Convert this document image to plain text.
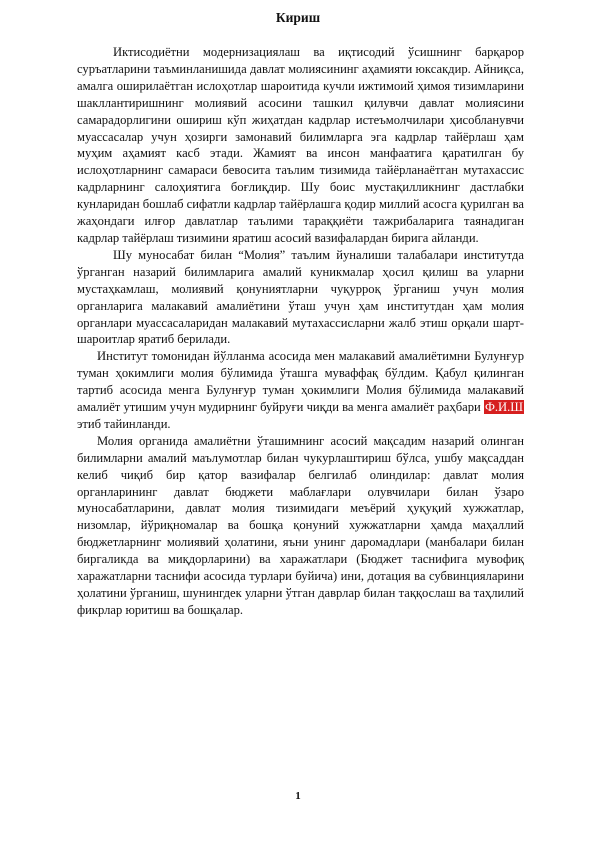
Кириш

Иктисодиётни модернизациялаш ва иқтисодий ўсишнинг барқарор суръатларини таъминланишида давлат молиясининг аҳамияти юксакдир. Айниқса, амалга оширилаётган ислоҳотлар шароитида кучли ижтимоий ҳимоя тизимларини шакллантиришнинг молиявий асосини ташкил қилувчи давлат молиясини самарадорлигини ошириш кўп жиҳатдан кадрлар истеъмолчилари ҳисобланувчи муассасалар учун ҳозирги замонавий билимларга эга кадрлар тайёрлаш ҳам муҳим аҳамият касб этади. Жамият ва инсон манфаатига қаратилган бу ислоҳотларнинг самараси бевосита таълим тизимида тайёрланаётган мутахассис кадрларнинг салоҳиятига боғлиқдир. Шу боис мустақилликнинг дастлабки кунларидан бошлаб сифатли кадрлар тайёрлашга қодир миллий асосга қурилган ва жаҳондаги илғор давлатлар таълими тараққиёти тажрибаларига таянадиган кадрлар тайёрлаш тизимини яратиш асосий вазифалардан бирига айланди.

Шу муносабат билан “Молия” таълим йуналиши талабалари институтда ўрганган назарий билимларига амалий куникмалар ҳосил қилиш ва уларни мустаҳкамлаш, молиявий қонуниятларни чуқурроқ ўрганиш учун молия органларига малакавий амалиётини ўташ учун ҳам институтдан ҳам молия органлари муассасаларидан малакавий мутахассисларни жалб этиш орқали шарт-шароитлар яратиб берилади.

Институт томонидан йўлланма асосида мен малакавий амалиётимни Булунғур туман ҳокимлиги молия бўлимида ўташга муваффақ бўлдим. Қабул қилинган тартиб асосида менга Булунғур туман ҳокимлиги Молия бўлимида малакавий амалиёт утишим учун мудирнинг буйруғи чиқди ва менга амалиёт раҳбари Ф.И.Ш этиб тайинланди.

Молия органида амалиётни ўташимнинг асосий мақсадим назарий олинган билимларни амалий маълумотлар билан чукурлаштириш бўлса, ушбу мақсаддан келиб чиқиб бир қатор вазифалар белгилаб олиндилар: давлат молия органларининг давлат бюджети маблағлари олувчилари билан ўзаро муносабатларини, давлат молия тизимидаги меъёрий ҳуқуқий хужжатлар, низомлар, йўриқномалар ва бошқа қонуний хужжатларни ҳамда маҳаллий бюджетларнинг молиявий ҳолатини, яъни унинг даромадлари (манбалари билан биргаликда ва миқдорларини) ва харажатлари (Бюджет таснифига мувофиқ харажатларни таснифи асосида турлари буйича) ини, дотация ва субвинцияларини ҳолатини ўрганиш, шунингдек уларни ўтган даврлар билан таққослаш ва таҳлилий фикрлар юритиш ва бошқалар.

1
